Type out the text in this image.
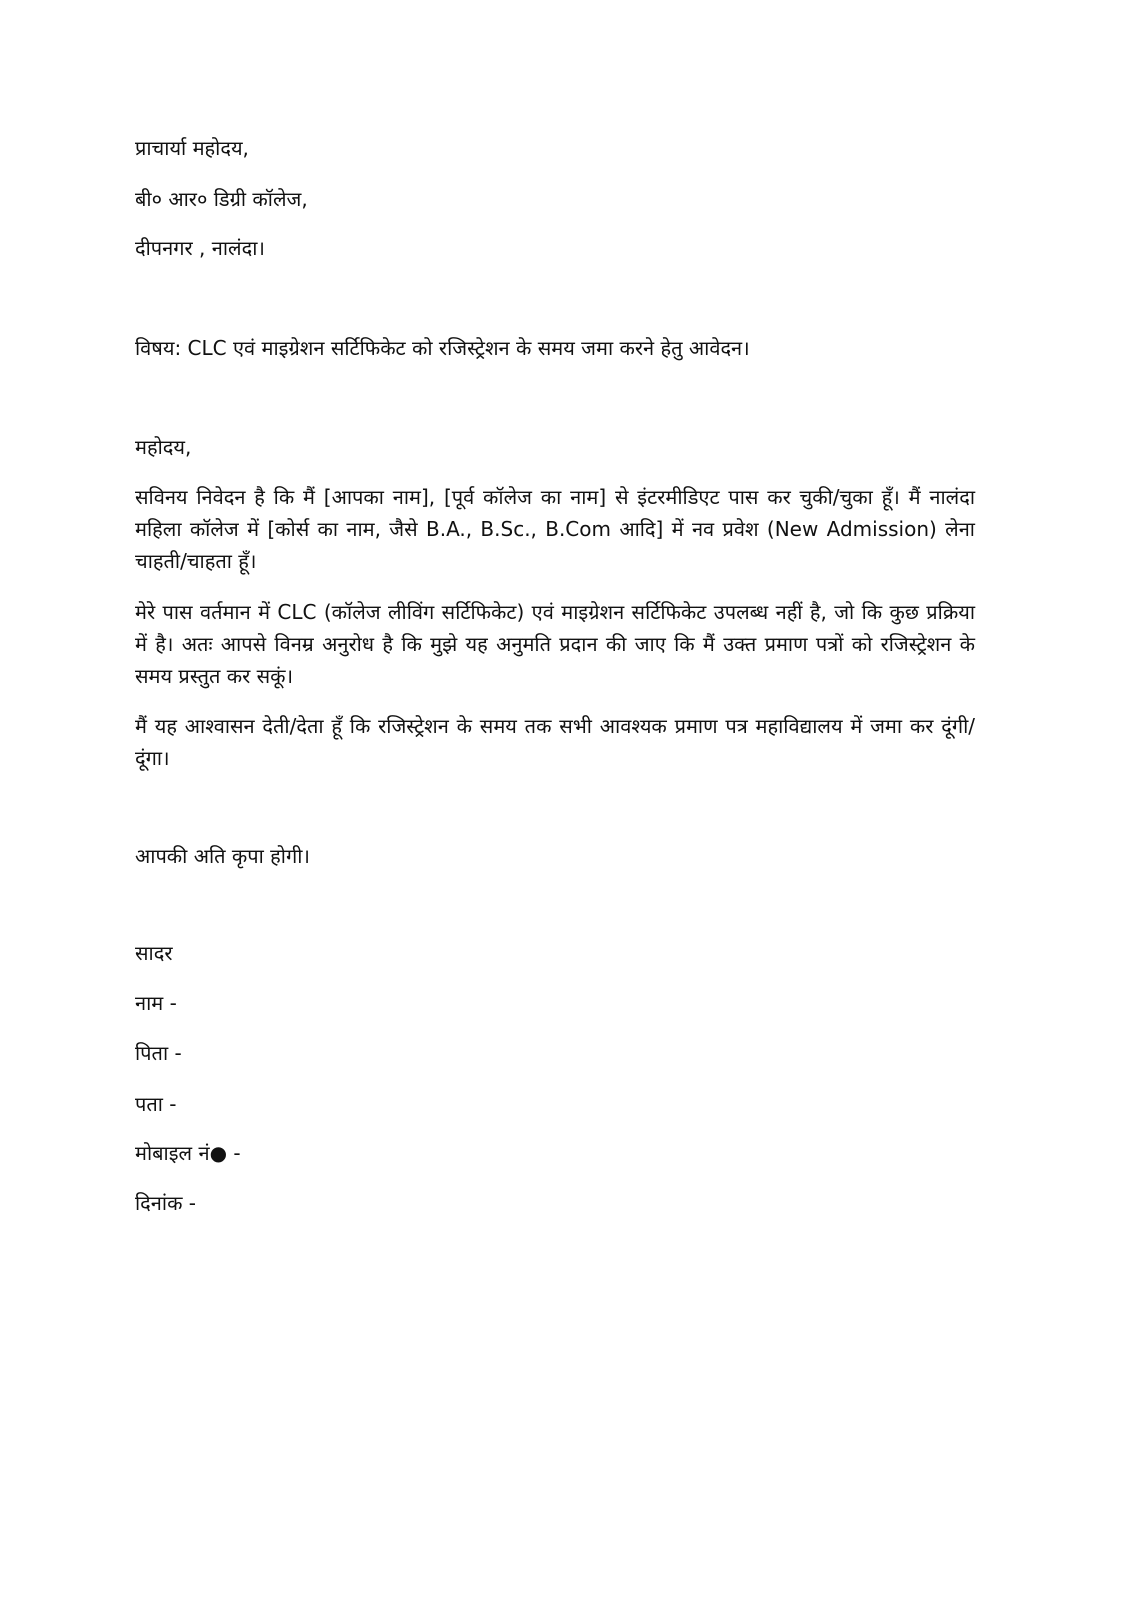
प्राचार्या महोदय,
बी० आर० डिग्री कॉलेज,
दीपनगर , नालंदा।
विषय: CLC एवं माइग्रेशन सर्टिफिकेट को रजिस्ट्रेशन के समय जमा करने हेतु आवेदन।
महोदय,

सविनय निवेदन है कि मैं [आपका नाम], [पूर्व कॉलेज का नाम] से इंटरमीडिएट पास कर चुकी/चुका हूँ। मैं नालंदा महिला कॉलेज में [कोर्स का नाम, जैसे B.A., B.Sc., B.Com आदि] में नव प्रवेश (New Admission) लेना चाहती/चाहता हूँ।

मेरे पास वर्तमान में CLC (कॉलेज लीविंग सर्टिफिकेट) एवं माइग्रेशन सर्टिफिकेट उपलब्ध नहीं है, जो कि कुछ प्रक्रिया में है। अतः आपसे विनम्र अनुरोध है कि मुझे यह अनुमति प्रदान की जाए कि मैं उक्त प्रमाण पत्रों को रजिस्ट्रेशन के समय प्रस्तुत कर सकूं।

मैं यह आश्वासन देती/देता हूँ कि रजिस्ट्रेशन के समय तक सभी आवश्यक प्रमाण पत्र महाविद्यालय में जमा कर दूंगी/दूंगा।

आपकी अति कृपा होगी।
सादर
नाम -
पिता -
पता -
मोबाइल नं● -
दिनांक -
